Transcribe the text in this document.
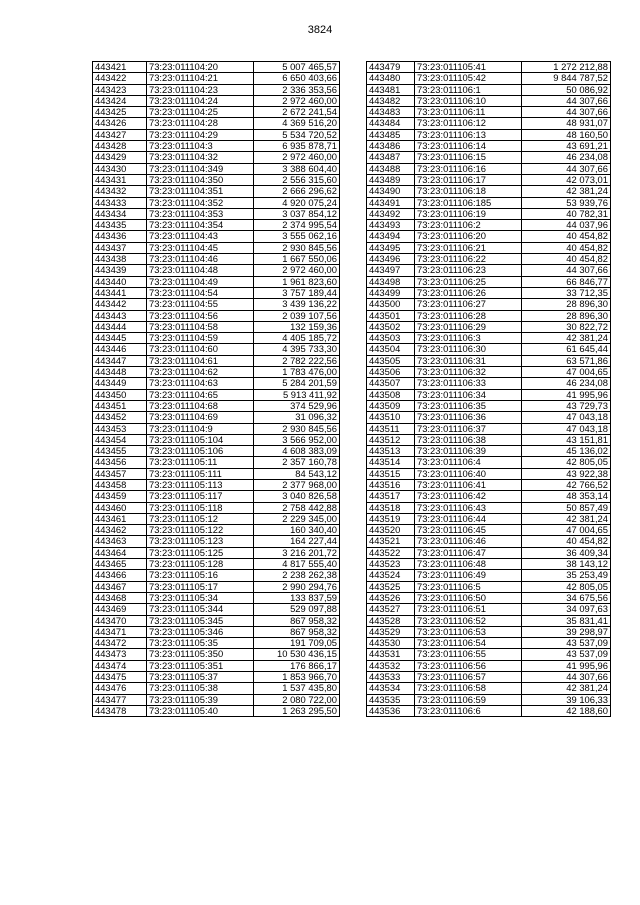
3824
443421	73:23:011104:20	5 007 465,57
443422	73:23:011104:21	6 650 403,66
443423	73:23:011104:23	2 336 353,56
443424	73:23:011104:24	2 972 460,00
443425	73:23:011104:25	2 672 241,54
443426	73:23:011104:28	4 369 516,20
443427	73:23:011104:29	5 534 720,52
443428	73:23:011104:3	6 935 878,71
443429	73:23:011104:32	2 972 460,00
443430	73:23:011104:349	3 388 604,40
443431	73:23:011104:350	2 556 315,60
443432	73:23:011104:351	2 666 296,62
443433	73:23:011104:352	4 920 075,24
443434	73:23:011104:353	3 037 854,12
443435	73:23:011104:354	2 374 995,54
443436	73:23:011104:43	3 555 062,16
443437	73:23:011104:45	2 930 845,56
443438	73:23:011104:46	1 667 550,06
443439	73:23:011104:48	2 972 460,00
443440	73:23:011104:49	1 961 823,60
443441	73:23:011104:54	3 757 189,44
443442	73:23:011104:55	3 439 136,22
443443	73:23:011104:56	2 039 107,56
443444	73:23:011104:58	132 159,36
443445	73:23:011104:59	4 405 185,72
443446	73:23:011104:60	4 395 733,30
443447	73:23:011104:61	2 782 222,56
443448	73:23:011104:62	1 783 476,00
443449	73:23:011104:63	5 284 201,59
443450	73:23:011104:65	5 913 411,92
443451	73:23:011104:68	374 529,96
443452	73:23:011104:69	31 096,32
443453	73:23:011104:9	2 930 845,56
443454	73:23:011105:104	3 566 952,00
443455	73:23:011105:106	4 608 383,09
443456	73:23:011105:11	2 357 160,78
443457	73:23:011105:111	84 543,12
443458	73:23:011105:113	2 377 968,00
443459	73:23:011105:117	3 040 826,58
443460	73:23:011105:118	2 758 442,88
443461	73:23:011105:12	2 229 345,00
443462	73:23:011105:122	160 340,40
443463	73:23:011105:123	164 227,44
443464	73:23:011105:125	3 216 201,72
443465	73:23:011105:128	4 817 555,40
443466	73:23:011105:16	2 238 262,38
443467	73:23:011105:17	2 990 294,76
443468	73:23:011105:34	133 837,59
443469	73:23:011105:344	529 097,88
443470	73:23:011105:345	867 958,32
443471	73:23:011105:346	867 958,32
443472	73:23:011105:35	191 709,05
443473	73:23:011105:350	10 530 436,15
443474	73:23:011105:351	176 866,17
443475	73:23:011105:37	1 853 966,70
443476	73:23:011105:38	1 537 435,80
443477	73:23:011105:39	2 080 722,00
443478	73:23:011105:40	1 263 295,50
443479	73:23:011105:41	1 272 212,88
443480	73:23:011105:42	9 844 787,52
443481	73:23:011106:1	50 086,92
443482	73:23:011106:10	44 307,66
443483	73:23:011106:11	44 307,66
443484	73:23:011106:12	48 931,07
443485	73:23:011106:13	48 160,50
443486	73:23:011106:14	43 691,21
443487	73:23:011106:15	46 234,08
443488	73:23:011106:16	44 307,66
443489	73:23:011106:17	42 073,01
443490	73:23:011106:18	42 381,24
443491	73:23:011106:185	53 939,76
443492	73:23:011106:19	40 782,31
443493	73:23:011106:2	44 037,96
443494	73:23:011106:20	40 454,82
443495	73:23:011106:21	40 454,82
443496	73:23:011106:22	40 454,82
443497	73:23:011106:23	44 307,66
443498	73:23:011106:25	66 846,77
443499	73:23:011106:26	33 712,35
443500	73:23:011106:27	28 896,30
443501	73:23:011106:28	28 896,30
443502	73:23:011106:29	30 822,72
443503	73:23:011106:3	42 381,24
443504	73:23:011106:30	61 645,44
443505	73:23:011106:31	63 571,86
443506	73:23:011106:32	47 004,65
443507	73:23:011106:33	46 234,08
443508	73:23:011106:34	41 995,96
443509	73:23:011106:35	43 729,73
443510	73:23:011106:36	47 043,18
443511	73:23:011106:37	47 043,18
443512	73:23:011106:38	43 151,81
443513	73:23:011106:39	45 136,02
443514	73:23:011106:4	42 805,05
443515	73:23:011106:40	43 922,38
443516	73:23:011106:41	42 766,52
443517	73:23:011106:42	48 353,14
443518	73:23:011106:43	50 857,49
443519	73:23:011106:44	42 381,24
443520	73:23:011106:45	47 004,65
443521	73:23:011106:46	40 454,82
443522	73:23:011106:47	36 409,34
443523	73:23:011106:48	38 143,12
443524	73:23:011106:49	35 253,49
443525	73:23:011106:5	42 805,05
443526	73:23:011106:50	34 675,56
443527	73:23:011106:51	34 097,63
443528	73:23:011106:52	35 831,41
443529	73:23:011106:53	39 298,97
443530	73:23:011106:54	43 537,09
443531	73:23:011106:55	43 537,09
443532	73:23:011106:56	41 995,96
443533	73:23:011106:57	44 307,66
443534	73:23:011106:58	42 381,24
443535	73:23:011106:59	39 106,33
443536	73:23:011106:6	42 188,60
